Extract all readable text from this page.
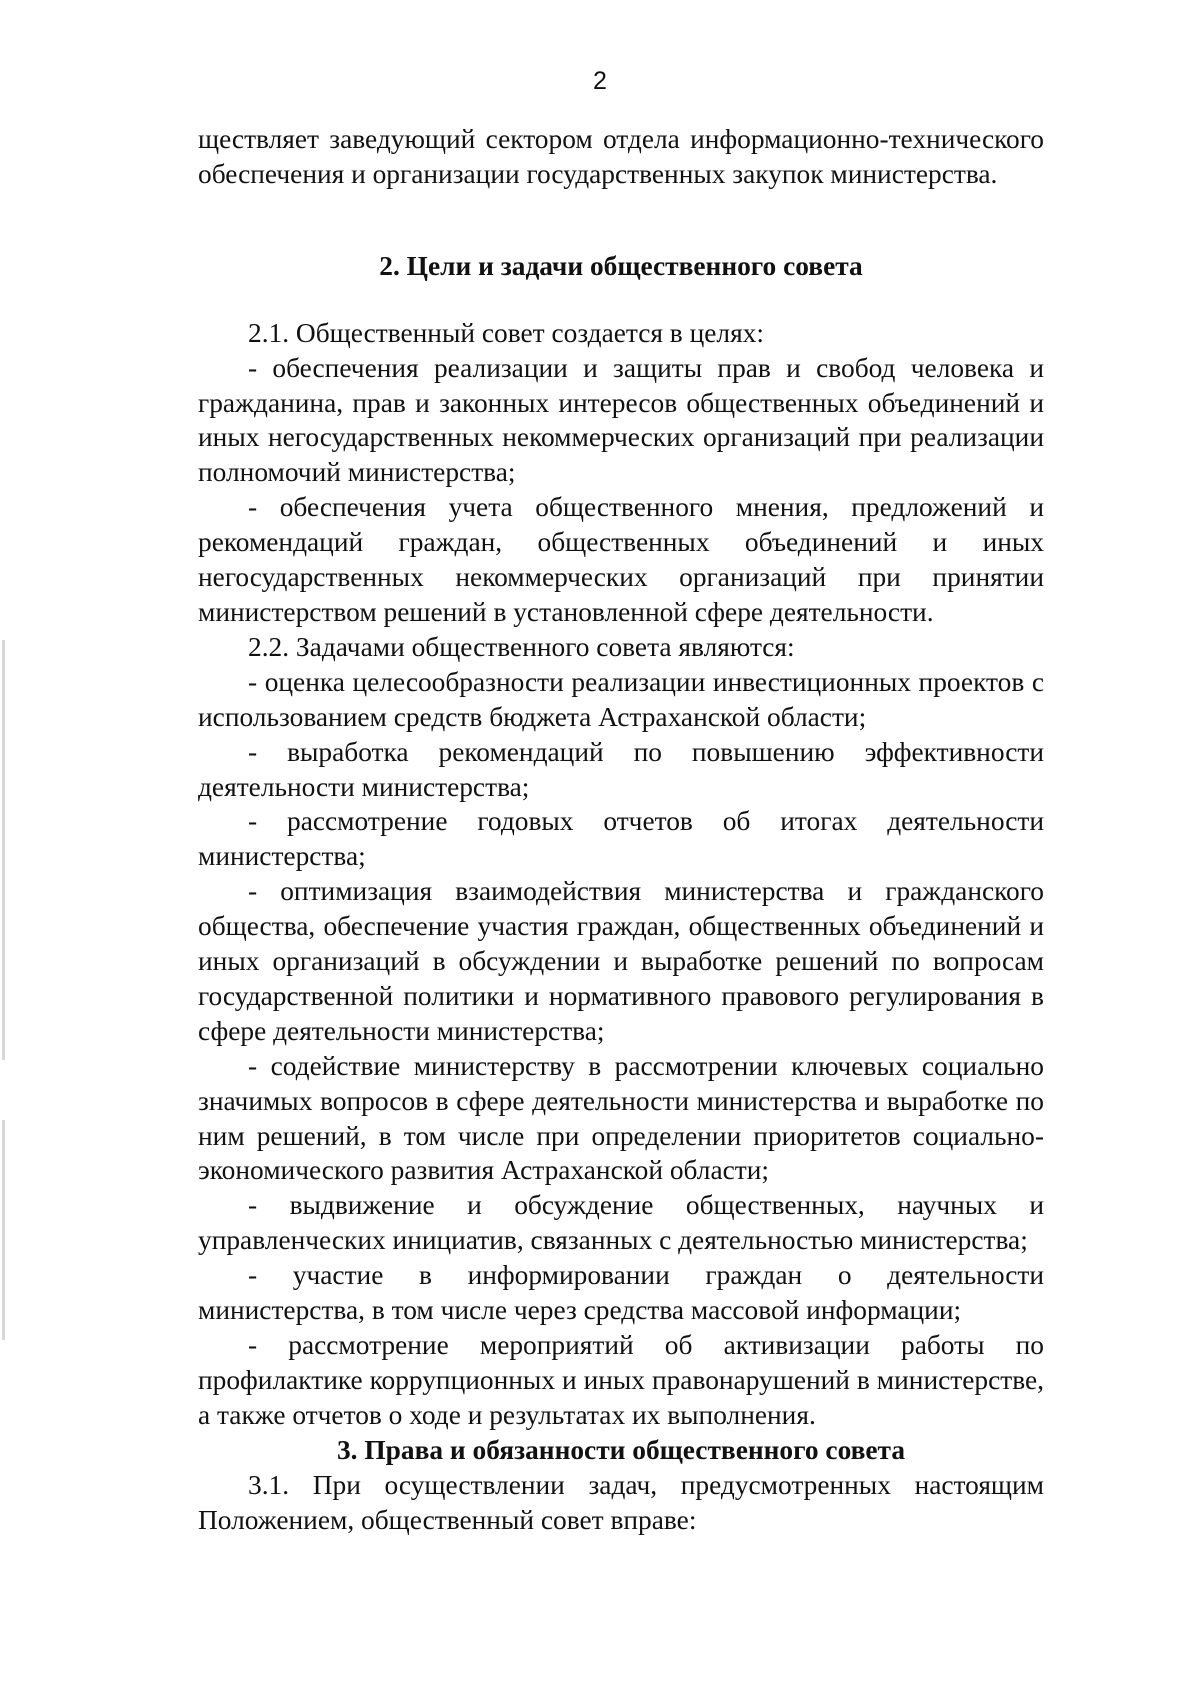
2

ществляет заведующий сектором отдела информационно-технического обеспечения и организации государственных закупок министерства.

2. Цели и задачи общественного совета

2.1. Общественный совет создается в целях:

- обеспечения реализации и защиты прав и свобод человека и гражданина, прав и законных интересов общественных объединений и иных негосударственных некоммерческих организаций при реализации полномочий министерства;

- обеспечения учета общественного мнения, предложений и рекомендаций граждан, общественных объединений и иных негосударственных некоммерческих организаций при принятии министерством решений в установленной сфере деятельности.

2.2. Задачами общественного совета являются:

- оценка целесообразности реализации инвестиционных проектов с использованием средств бюджета Астраханской области;

- выработка рекомендаций по повышению эффективности деятельности министерства;

- рассмотрение годовых отчетов об итогах деятельности министерства;

- оптимизация взаимодействия министерства и гражданского общества, обеспечение участия граждан, общественных объединений и иных организаций в обсуждении и выработке решений по вопросам государственной политики и нормативного правового регулирования в сфере деятельности министерства;

- содействие министерству в рассмотрении ключевых социально значимых вопросов в сфере деятельности министерства и выработке по ним решений, в том числе при определении приоритетов социально-экономического развития Астраханской области;

- выдвижение и обсуждение общественных, научных и управленческих инициатив, связанных с деятельностью министерства;

- участие в информировании граждан о деятельности министерства, в том числе через средства массовой информации;

- рассмотрение мероприятий об активизации работы по профилактике коррупционных и иных правонарушений в министерстве, а также отчетов о ходе и результатах их выполнения.

3. Права и обязанности общественного совета

3.1. При осуществлении задач, предусмотренных настоящим Положением, общественный совет вправе:
